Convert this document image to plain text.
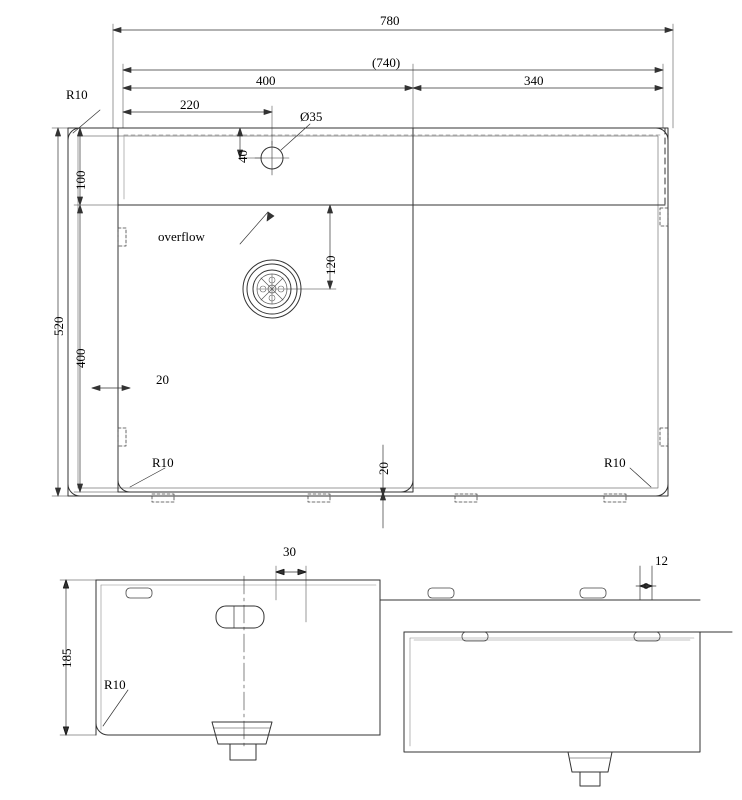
780
(740)
400	340
220
Ø35
40
R10
520
100
400
120
overflow
20
20
R10	R10
30
12
185
R10
